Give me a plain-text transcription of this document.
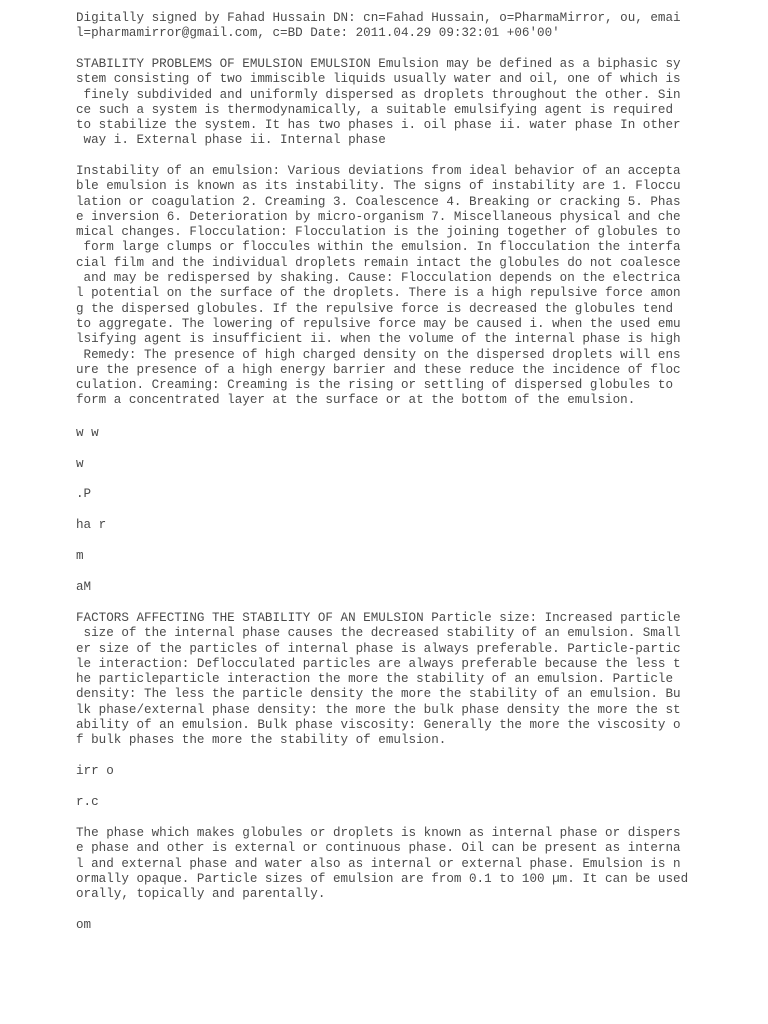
Digitally signed by Fahad Hussain DN: cn=Fahad Hussain, o=PharmaMirror, ou, emai
l=pharmamirror@gmail.com, c=BD Date: 2011.04.29 09:32:01 +06'00'
STABILITY PROBLEMS OF EMULSION EMULSION Emulsion may be defined as a biphasic sy
stem consisting of two immiscible liquids usually water and oil, one of which is
finely subdivided and uniformly dispersed as droplets throughout the other. Sin
ce such a system is thermodynamically, a suitable emulsifying agent is required
to stabilize the system. It has two phases i. oil phase ii. water phase In other
way i. External phase ii. Internal phase
Instability of an emulsion: Various deviations from ideal behavior of an accepta
ble emulsion is known as its instability. The signs of instability are 1. Floccu
lation or coagulation 2. Creaming 3. Coalescence 4. Breaking or cracking 5. Phas
e inversion 6. Deterioration by micro-organism 7. Miscellaneous physical and che
mical changes. Flocculation: Flocculation is the joining together of globules to
form large clumps or floccules within the emulsion. In flocculation the interfa
cial film and the individual droplets remain intact the globules do not coalesce
and may be redispersed by shaking. Cause: Flocculation depends on the electrica
l potential on the surface of the droplets. There is a high repulsive force amon
g the dispersed globules. If the repulsive force is decreased the globules tend
to aggregate. The lowering of repulsive force may be caused i. when the used emu
lsifying agent is insufficient ii. when the volume of the internal phase is high
Remedy: The presence of high charged density on the dispersed droplets will ens
ure the presence of a high energy barrier and these reduce the incidence of floc
culation. Creaming: Creaming is the rising or settling of dispersed globules to
form a concentrated layer at the surface or at the bottom of the emulsion.
w w
w
.P
ha r
m
aM
FACTORS AFFECTING THE STABILITY OF AN EMULSION Particle size: Increased particle
size of the internal phase causes the decreased stability of an emulsion. Small
er size of the particles of internal phase is always preferable. Particle-partic
le interaction: Deflocculated particles are always preferable because the less t
he particleparticle interaction the more the stability of an emulsion. Particle
density: The less the particle density the more the stability of an emulsion. Bu
lk phase/external phase density: the more the bulk phase density the more the st
ability of an emulsion. Bulk phase viscosity: Generally the more the viscosity o
f bulk phases the more the stability of emulsion.
irr o
r.c
The phase which makes globules or droplets is known as internal phase or dispers
e phase and other is external or continuous phase. Oil can be present as interna
l and external phase and water also as internal or external phase. Emulsion is n
ormally opaque. Particle sizes of emulsion are from 0.1 to 100 µm. It can be used
orally, topically and parentally.
om
